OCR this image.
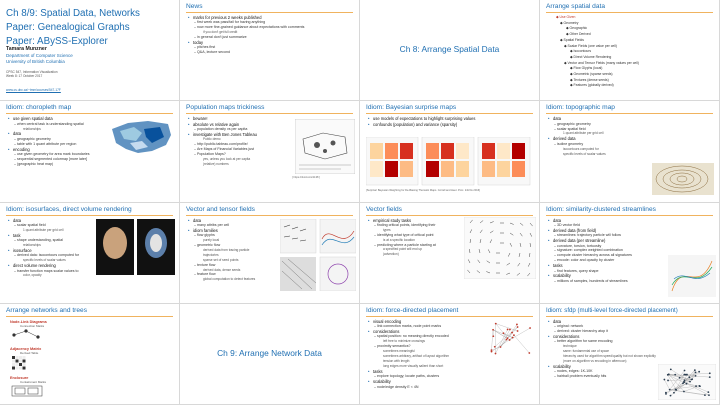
Ch 8/9: Spatial Data, Networks
Paper: Genealogical Graphs
Paper: ABySS-Explorer
Tamara Munzner
Department of Computer Science
University of British Columbia
CPSC 547, Information Visualization
Week 8: 17 October 2017
www.cs.ubc.ca/~tmm/courses/547-17F
News
• marks for previous 2 weeks published
– first week was pass/fail for having anything
– now more fine-grained guidance about expectations with comments
if you don't get full credit
– in general don't just summarize
• today
– pitches first
– Q&A, lecture second	Ch 8: Arrange Spatial Data
Arrange spatial data
◆ Use Given
◆ Geometry
◆ Geographic
◆ Other Derived
◆ Spatial Fields
◆ Scalar Fields (one value per cell)
◆ Isocontours
◆ Direct Volume Rendering
◆ Vector and Tensor Fields (many values per cell)
◆ Flow Glyphs (local)
◆ Geometric (sparse seeds)
◆ Textures (dense seeds)
◆ Features (globally derived)
Idiom: choropleth map
• use given spatial data
– when central task is understanding spatial
relationships
• data
– geographic geometry
– table with 1 quant attribute per region
• encoding
– use given geometry for area mark boundaries
– sequential segmented colormap [more later]
– (geographic heat map)
Population maps trickiness
• beware!
• absolute vs relative again
– population density vs per capita
• investigate with Ben Jones Tableau
Public demo
– http://public.tableau.com/profile/
– Are Maps of Financial Variables just
– Population Maps?
yes, unless you look at per capita
(relative) numbers
[ https://xkcd.com/1138 ]
Idiom: Bayesian surprise maps
• use models of expectations to highlight surprising values
• confounds (population) and variance (sparsity)
[Surprise! Bayesian Weighting for De-Biasing Thematic Maps. Correll and Heer. Proc. InfoVis 2016]
Idiom: topographic map
• data
– geographic geometry
– scalar spatial field
1 quant attribute per grid cell
• derived data
– isoline geometry
isocontours computed for
specific levels of scalar values
Idiom: isosurfaces, direct volume rendering
• data
– scalar spatial field
1 quant attribute per grid cell
• task
– shape understanding, spatial
relationships
• isosurface
– derived data: isocontours computed for
specific levels of scalar values
• direct volume rendering
– transfer function maps scalar values to
color, opacity
Vector and tensor fields
• data
– many attribs per cell
• idiom families
– flow glyphs
purely local
– geometric flow
derived data from tracing particle
trajectories
sparse set of seed points
– texture flow
derived data, dense seeds
– feature flow
global computation to detect features
Vector fields
• empirical study tasks
– finding critical points, identifying their
types
– identifying what type of critical point
is at a specific location
– predicting where a particle starting at
a specified point will end up
(advection)
Idiom: similarity-clustered streamlines
• data
– 3D vector field
• derived data (from field)
– streamlines: trajectory particle will follow
• derived data (per streamline)
– curvature, torsion, tortuosity
– signature: complex weighted combination
– compute cluster hierarchy across all signatures
– encode: color and opacity by cluster
• tasks
– find features, query shape
• scalability
– millions of samples, hundreds of streamlines
Arrange networks and trees
Node-Link Diagrams
Connection Marks
Adjacency Matrix
Derived Table
Enclosure
Containment Marks
Ch 9: Arrange Network Data
Idiom: force-directed placement
• visual encoding
– link connection marks, node point marks
• considerations
– spatial position: no meaning directly encoded
left free to minimize crossings
– proximity semantics?
sometimes meaningful
sometimes arbitrary, artifact of layout algorithm
tension with length
long edges more visually salient than short
• tasks
– explore topology; locate paths, clusters
• scalability
– node/edge density E < 4N
Idiom: sfdp (multi-level force-directed placement)
• data
– original: network
– derived: cluster hierarchy atop it
• considerations
– better algorithm for same encoding
technique
same: fundamental use of space
hierarchy used for algorithm speed/quality but not shown explicitly
(more on algorithm vs encoding in afternoon)
• scalability
– nodes, edges: 1K-10K
– hairball problem eventually hits
